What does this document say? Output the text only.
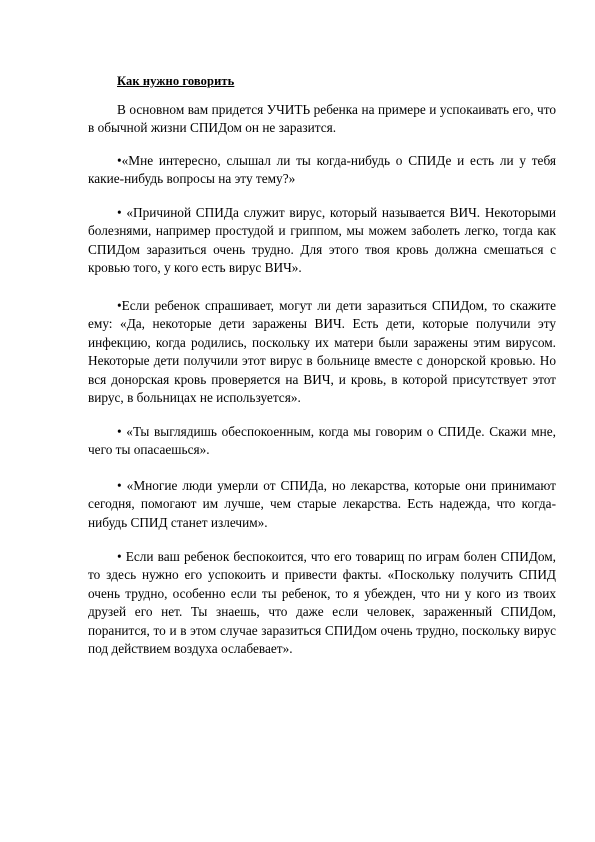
Как нужно говорить

В основном вам придется УЧИТЬ ребенка на примере и успокаивать его, что в обычной жизни СПИДом он не заразится.

•«Мне интересно, слышал ли ты когда-нибудь о СПИДе и есть ли у тебя какие-нибудь вопросы на эту тему?»

• «Причиной СПИДа служит вирус, который называется ВИЧ. Некоторыми болезнями, например простудой и гриппом, мы можем заболеть легко, тогда как СПИДом заразиться очень трудно. Для этого твоя кровь должна смешаться с кровью того, у кого есть вирус ВИЧ».

•Если ребенок спрашивает, могут ли дети заразиться СПИДом, то скажите ему: «Да, некоторые дети заражены ВИЧ. Есть дети, которые получили эту инфекцию, когда родились, поскольку их матери были заражены этим вирусом. Некоторые дети получили этот вирус в больнице вместе с донорской кровью. Но вся донорская кровь проверяется на ВИЧ, и кровь, в которой присутствует этот вирус, в больницах не используется».

• «Ты выглядишь обеспокоенным, когда мы говорим о СПИДе. Скажи мне, чего ты опасаешься».

• «Многие люди умерли от СПИДа, но лекарства, которые они принимают сегодня, помогают им лучше, чем старые лекарства. Есть надежда, что когда-нибудь СПИД станет излечим».

• Если ваш ребенок беспокоится, что его товарищ по играм болен СПИДом, то здесь нужно его успокоить и привести факты. «Поскольку получить СПИД очень трудно, особенно если ты ребенок, то я убежден, что ни у кого из твоих друзей его нет. Ты знаешь, что даже если человек, зараженный СПИДом, поранится, то и в этом случае заразиться СПИДом очень трудно, поскольку вирус под действием воздуха ослабевает».
